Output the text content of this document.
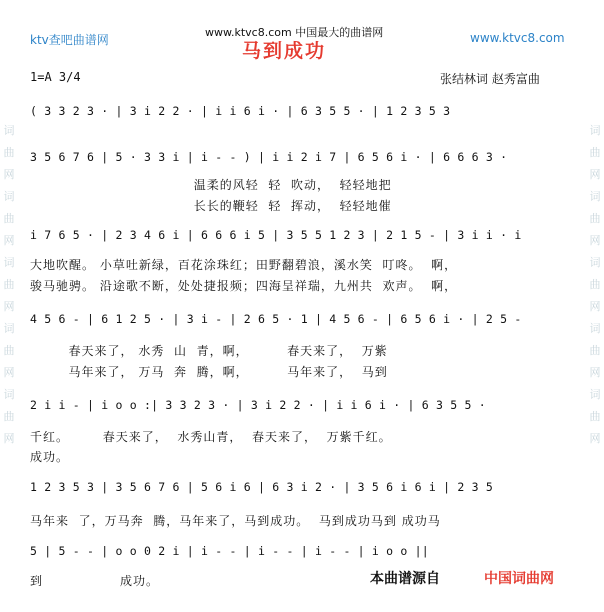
词曲网词曲网词曲网词曲网词曲网
词曲网词曲网词曲网词曲网词曲网
ktv查吧曲谱网
www.ktvc8.com 中国最大的曲谱网	www.ktvc8.com
马到成功
1=A 3/4	张结林词 赵秀富曲
( 3 3 2 3 · | 3 i 2 2 · | i i 6 i · | 6 3 5 5 · | 1 2 3 5 3
3 5 6 7 6 | 5 · 3 3 i | i - - ) | i i 2 i 7 | 6 5 6 i · | 6 6 6 3 ·
温柔的风轻  轻  吹动，  轻轻地把
长长的鞭轻  轻  挥动，  轻轻地催
i 7 6 5 · | 2 3 4 6 i | 6 6 6 i 5 | 3 5 5 1 2 3 | 2 1 5 - | 3 i i · i
大地吹醒。 小草吐新绿，百花涂珠红；田野翻碧浪，溪水笑  叮咚。  啊，
骏马驰骋。 沿途歌不断，处处捷报频；四海呈祥瑞，九州共  欢声。  啊，
4 5 6 - | 6 1 2 5 · | 3 i - | 2 6 5 · 1 | 4 5 6 - | 6 5 6 i · | 2 5 -
春天来了， 水秀  山  青，啊，        春天来了，  万紫
马年来了， 万马  奔  腾，啊，        马年来了，  马到
2 i i - | i o o :| 3 3 2 3 · | 3 i 2 2 · | i i 6 i · | 6 3 5 5 ·
千红。       春天来了，  水秀山青，  春天来了，  万紫千红。
成功。
1 2 3 5 3 | 3 5 6 7 6 | 5 6 i 6 | 6 3 i 2 · | 3 5 6 i 6 i | 2 3 5
马年来  了，万马奔  腾，马年来了，马到成功。  马到成功马到 成功马
5 | 5 - - | o o 0 2 i | i - - | i - - | i - - | i o o ||
到                成功。	本曲谱源自	中国词曲网
